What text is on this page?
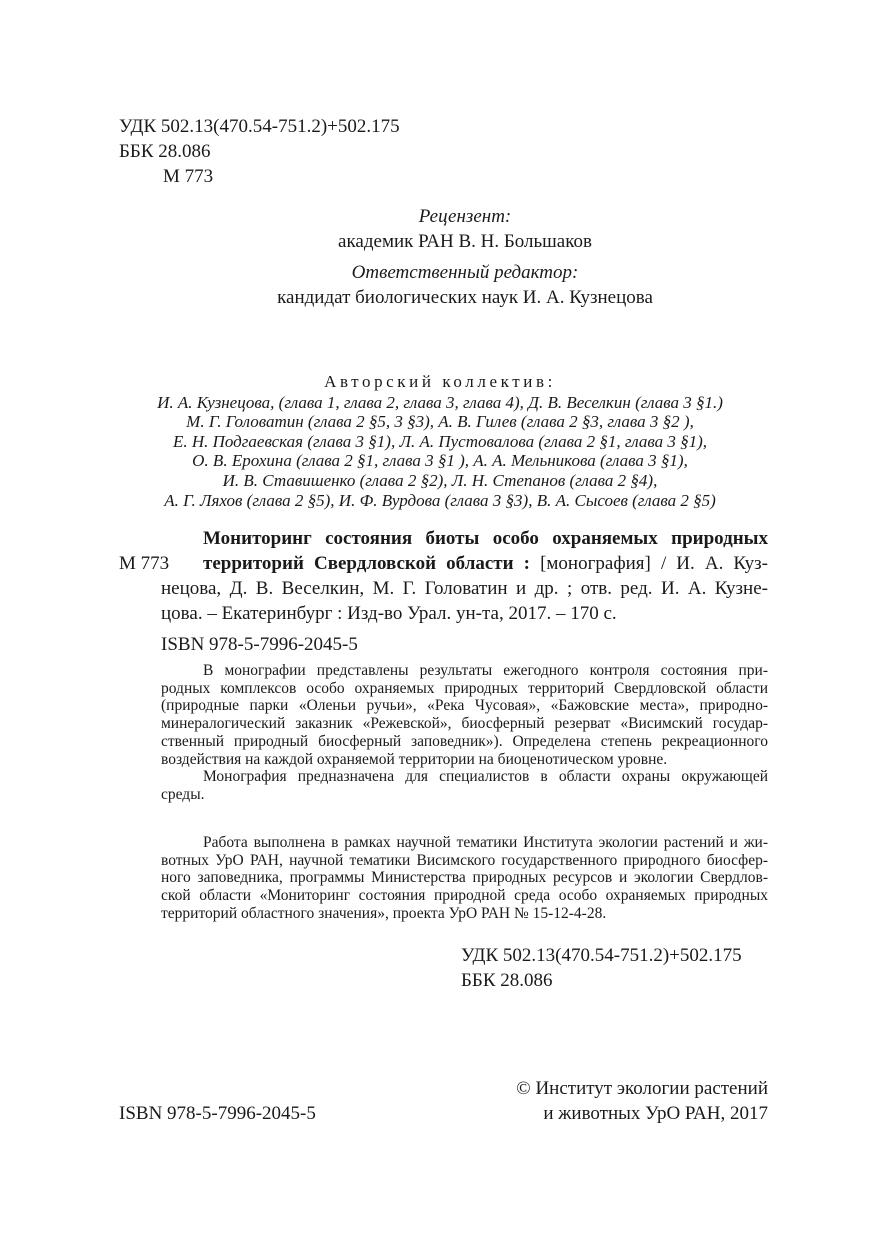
УДК 502.13(470.54-751.2)+502.175
ББК 28.086
М 773
Рецензент:
академик РАН В. Н. Большаков
Ответственный редактор:
кандидат биологических наук И. А. Кузнецова
Авторский коллектив:
И. А. Кузнецова, (глава 1, глава 2, глава 3, глава 4), Д. В. Веселкин (глава 3 §1.)
М. Г. Головатин (глава 2 §5, 3 §3), А. В. Гилев (глава 2 §3, глава 3 §2 ),
Е. Н. Подгаевская (глава 3 §1), Л. А. Пустовалова (глава 2 §1, глава 3 §1),
О. В. Ерохина (глава 2 §1, глава 3 §1 ), А. А. Мельникова (глава 3 §1),
И. В. Ставишенко (глава 2 §2), Л. Н. Степанов (глава 2 §4),
А. Г. Ляхов (глава 2 §5), И. Ф. Вурдова (глава 3 §3), В. А. Сысоев (глава 2 §5)
М 773
Мониторинг состояния биоты особо охраняемых природных
территорий Свердловской области : [монография] / И. А. Куз-
нецова, Д. В. Веселкин, М. Г. Головатин и др. ; отв. ред. И. А. Кузне-
цова. – Екатеринбург : Изд-во Урал. ун-та, 2017. – 170 с.
ISBN 978-5-7996-2045-5
В монографии представлены результаты ежегодного контроля состояния при-
родных комплексов особо охраняемых природных территорий Свердловской области
(природные парки «Оленьи ручьи», «Река Чусовая», «Бажовские места», природно-
минералогический заказник «Режевской», биосферный резерват «Висимский государ-
ственный природный биосферный заповедник»). Определена степень рекреационного
воздействия на каждой охраняемой территории на биоценотическом уровне.
Монография предназначена для специалистов в области охраны окружающей
среды.
Работа выполнена в рамках научной тематики Института экологии растений и жи-
вотных УрО РАН, научной тематики Висимского государственного природного биосфер-
ного заповедника, программы Министерства природных ресурсов и экологии Свердлов-
ской области «Мониторинг состояния природной среда особо охраняемых природных
территорий областного значения», проекта УрО РАН № 15-12-4-28.
УДК 502.13(470.54-751.2)+502.175
ББК 28.086
ISBN 978-5-7996-2045-5
© Институт экологии растений
и животных УрО РАН, 2017
